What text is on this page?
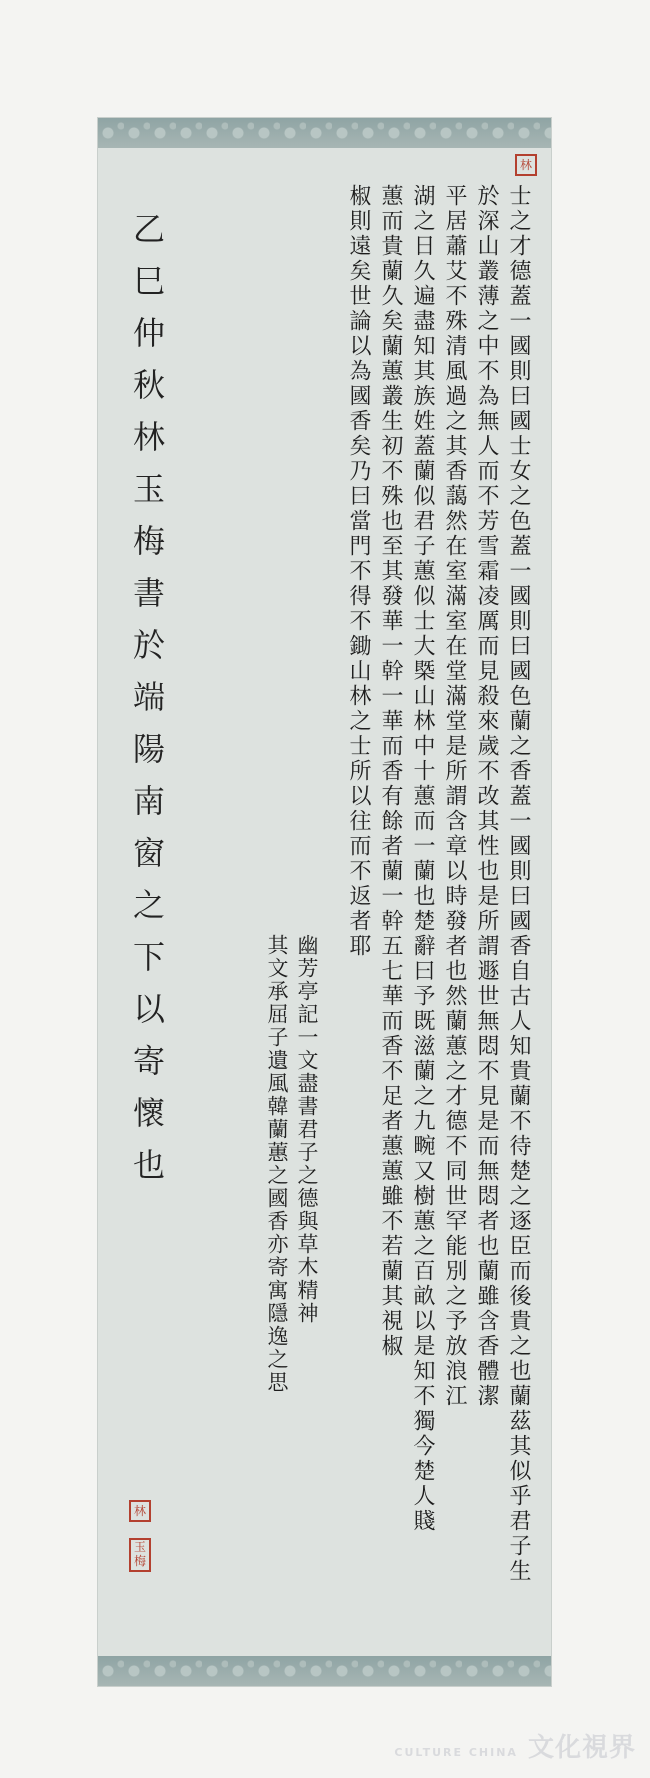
林
士之才德蓋一國則曰國士女之色蓋一國則曰國色蘭之香蓋一國則曰國香自古人知貴蘭不待楚之逐臣而後貴之也蘭茲其似乎君子生
於深山叢薄之中不為無人而不芳雪霜凌厲而見殺來歲不改其性也是所謂遯世無悶不見是而無悶者也蘭雖含香體潔
平居蕭艾不殊清風過之其香藹然在室滿室在堂滿堂是所謂含章以時發者也然蘭蕙之才德不同世罕能別之予放浪江
湖之日久遍盡知其族姓蓋蘭似君子蕙似士大槩山林中十蕙而一蘭也楚辭曰予既滋蘭之九畹又樹蕙之百畝以是知不獨今楚人賤
蕙而貴蘭久矣蘭蕙叢生初不殊也至其發華一幹一華而香有餘者蘭一幹五七華而香不足者蕙蕙雖不若蘭其視椒
椒則遠矣世論以為國香矣乃曰當門不得不鋤山林之士所以往而不返者耶
幽芳亭記一文盡書君子之德與草木精神
其文承屈子遺風韓蘭蕙之國香亦寄寓隱逸之思
乙巳仲秋林玉梅書於端陽南窗之下以寄懷也
林
玉
梅
CULTURE CHINA 文化視界
